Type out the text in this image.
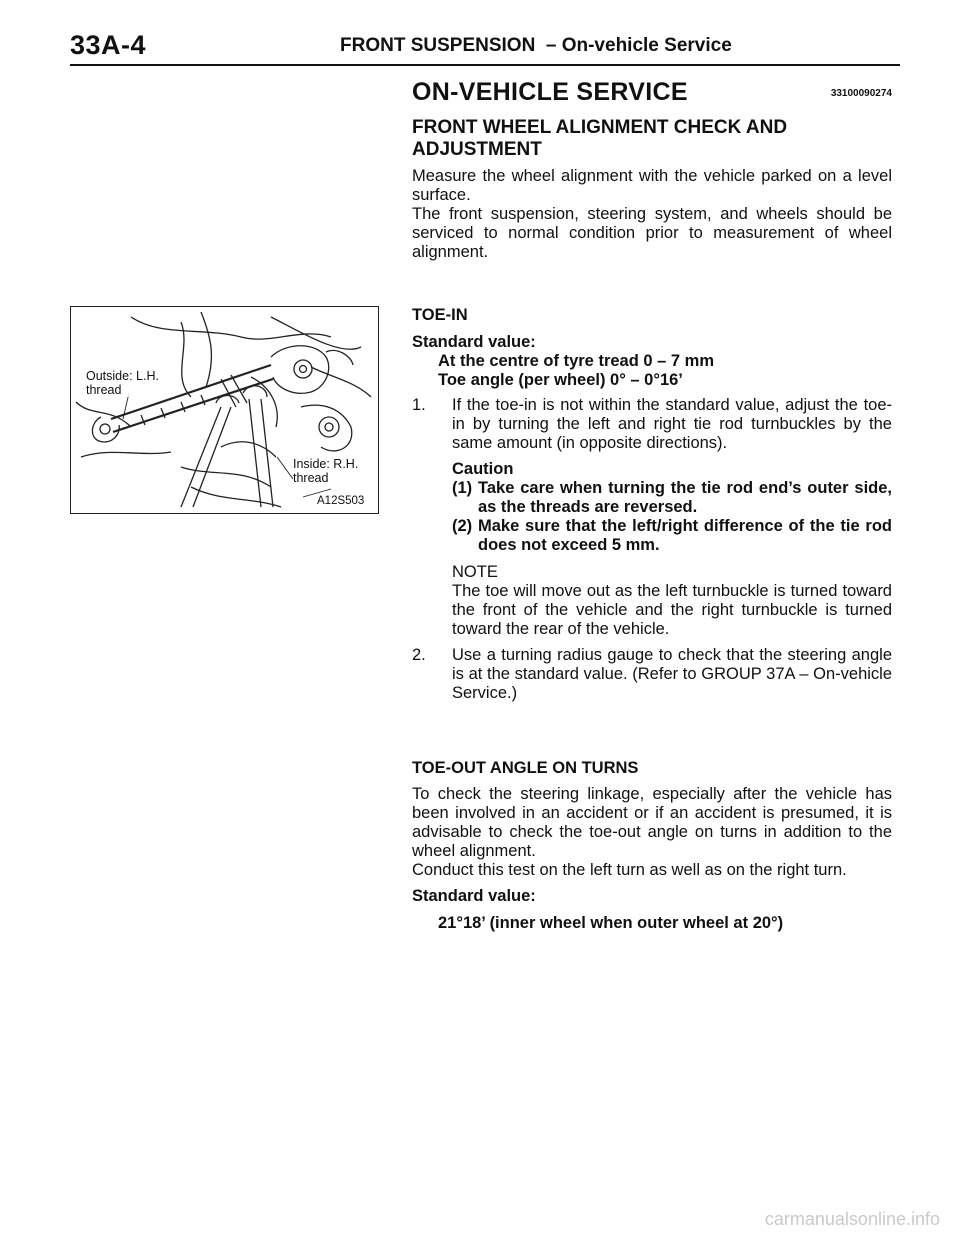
33A-4	FRONT SUSPENSION – On-vehicle Service
ON-VEHICLE SERVICE	33100090274
FRONT WHEEL ALIGNMENT CHECK AND
ADJUSTMENT

Measure the wheel alignment with the vehicle parked on a level surface.

The front suspension, steering system, and wheels should be serviced to normal condition prior to measurement of wheel alignment.

Outside: L.H. thread
Inside: R.H. thread
A12S503
TOE-IN
Standard value:
At the centre of tyre tread 0 – 7 mm
Toe angle (per wheel) 0° – 0°16’
1. If the toe-in is not within the standard value, adjust the toe-in by turning the left and right tie rod turnbuckles by the same amount (in opposite directions).
Caution
(1) Take care when turning the tie rod end’s outer side, as the threads are reversed.
(2) Make sure that the left/right difference of the tie rod does not exceed 5 mm.
NOTE
The toe will move out as the left turnbuckle is turned toward the front of the vehicle and the right turnbuckle is turned toward the rear of the vehicle.
2. Use a turning radius gauge to check that the steering angle is at the standard value. (Refer to GROUP 37A – On-vehicle Service.)
TOE-OUT ANGLE ON TURNS

To check the steering linkage, especially after the vehicle has been involved in an accident or if an accident is presumed, it is advisable to check the toe-out angle on turns in addition to the wheel alignment.

Conduct this test on the left turn as well as on the right turn.

Standard value:
21°18’ (inner wheel when outer wheel at 20°)
carmanualsonline.info
